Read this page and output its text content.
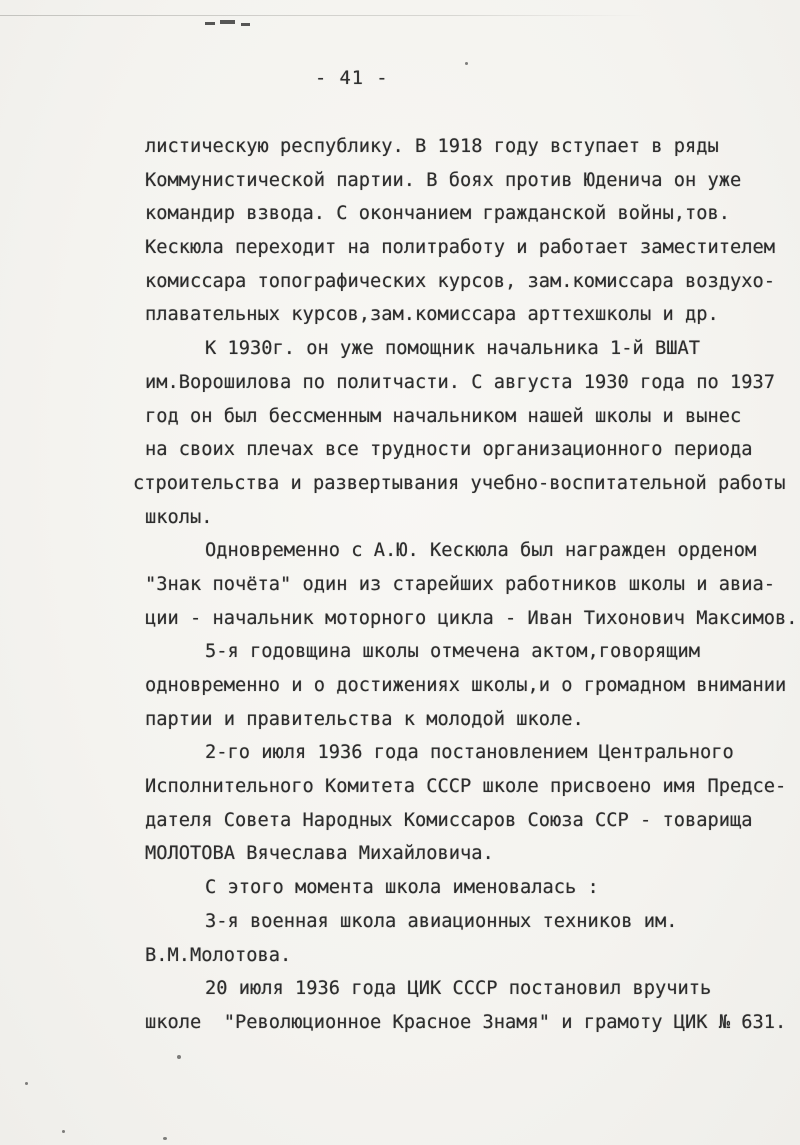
- 41 -
листическую республику. В 1918 году вступает в ряды
Коммунистической партии. В боях против Юденича он уже
командир взвода. С окончанием гражданской войны,тов.
Кескюла переходит на политработу и работает заместителем
комиссара топографических курсов, зам.комиссара воздухо-
плавательных курсов,зам.комиссара арттехшколы и др.
К 1930г. он уже помощник начальника 1-й ВШАТ
им.Ворошилова по политчасти. С августа 1930 года по 1937
год он был бессменным начальником нашей школы и вынес
на своих плечах все трудности организационного периода
строительства и развертывания учебно-воспитательной работы
школы.
Одновременно с А.Ю. Кескюла был награжден орденом
"Знак почёта" один из старейших работников школы и авиа-
ции - начальник моторного цикла - Иван Тихонович Максимов.
5-я годовщина школы отмечена актом,говорящим
одновременно и о достижениях школы,и о громадном внимании
партии и правительства к молодой школе.
2-го июля 1936 года постановлением Центрального
Исполнительного Комитета СССР школе присвоено имя Предсе-
дателя Совета Народных Комиссаров Союза ССР - товарища
МОЛОТОВА Вячеслава Михайловича.
С этого момента школа именовалась :
3-я военная школа авиационных техников им.
В.М.Молотова.
20 июля 1936 года ЦИК СССР постановил вручить
школе  "Революционное Красное Знамя" и грамоту ЦИК № 631.
